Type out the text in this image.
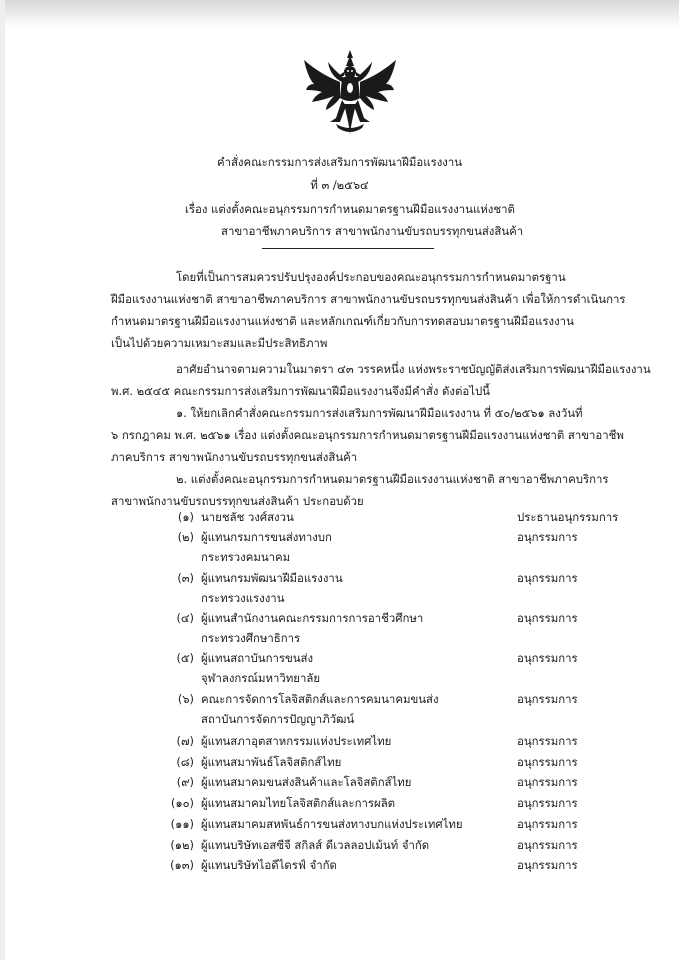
คำสั่งคณะกรรมการส่งเสริมการพัฒนาฝีมือแรงงาน
ที่ ๓ /๒๕๖๔
เรื่อง แต่งตั้งคณะอนุกรรมการกำหนดมาตรฐานฝีมือแรงงานแห่งชาติ
สาขาอาชีพภาคบริการ สาขาพนักงานขับรถบรรทุกขนส่งสินค้า
โดยที่เป็นการสมควรปรับปรุงองค์ประกอบของคณะอนุกรรมการกำหนดมาตรฐาน
ฝีมือแรงงานแห่งชาติ สาขาอาชีพภาคบริการ สาขาพนักงานขับรถบรรทุกขนส่งสินค้า เพื่อให้การดำเนินการ
กำหนดมาตรฐานฝีมือแรงงานแห่งชาติ และหลักเกณฑ์เกี่ยวกับการทดสอบมาตรฐานฝีมือแรงงาน
เป็นไปด้วยความเหมาะสมและมีประสิทธิภาพ
อาศัยอำนาจตามความในมาตรา ๔๓ วรรคหนึ่ง แห่งพระราชบัญญัติส่งเสริมการพัฒนาฝีมือแรงงาน
พ.ศ. ๒๕๔๕ คณะกรรมการส่งเสริมการพัฒนาฝีมือแรงงานจึงมีคำสั่ง ดังต่อไปนี้
๑. ให้ยกเลิกคำสั่งคณะกรรมการส่งเสริมการพัฒนาฝีมือแรงงาน ที่ ๕๐/๒๕๖๑ ลงวันที่
๖ กรกฎาคม พ.ศ. ๒๕๖๑ เรื่อง แต่งตั้งคณะอนุกรรมการกำหนดมาตรฐานฝีมือแรงงานแห่งชาติ สาขาอาชีพ
ภาคบริการ สาขาพนักงานขับรถบรรทุกขนส่งสินค้า
๒. แต่งตั้งคณะอนุกรรมการกำหนดมาตรฐานฝีมือแรงงานแห่งชาติ สาขาอาชีพภาคบริการ
สาขาพนักงานขับรถบรรทุกขนส่งสินค้า ประกอบด้วย
(๑) นายชลัช วงศ์สงวน	ประธานอนุกรรมการ
(๒) ผู้แทนกรมการขนส่งทางบก
กระทรวงคมนาคม
อนุกรรมการ
(๓) ผู้แทนกรมพัฒนาฝีมือแรงงาน
กระทรวงแรงงาน
อนุกรรมการ
(๔) ผู้แทนสำนักงานคณะกรรมการการอาชีวศึกษา
กระทรวงศึกษาธิการ
อนุกรรมการ
(๕) ผู้แทนสถาบันการขนส่ง
จุฬาลงกรณ์มหาวิทยาลัย
อนุกรรมการ
(๖) คณะการจัดการโลจิสติกส์และการคมนาคมขนส่ง
สถาบันการจัดการปัญญาภิวัฒน์
อนุกรรมการ
(๗) ผู้แทนสภาอุตสาหกรรมแห่งประเทศไทย	อนุกรรมการ
(๘) ผู้แทนสมาพันธ์โลจิสติกส์ไทย	อนุกรรมการ
(๙) ผู้แทนสมาคมขนส่งสินค้าและโลจิสติกส์ไทย	อนุกรรมการ
(๑๐) ผู้แทนสมาคมไทยโลจิสติกส์และการผลิต	อนุกรรมการ
(๑๑) ผู้แทนสมาคมสหพันธ์การขนส่งทางบกแห่งประเทศไทย	อนุกรรมการ
(๑๒) ผู้แทนบริษัทเอสซีจี สกิลส์ ดีเวลลอปเม้นท์ จำกัด	อนุกรรมการ
(๑๓) ผู้แทนบริษัทไอดีไดรฟ์ จำกัด	อนุกรรมการ
